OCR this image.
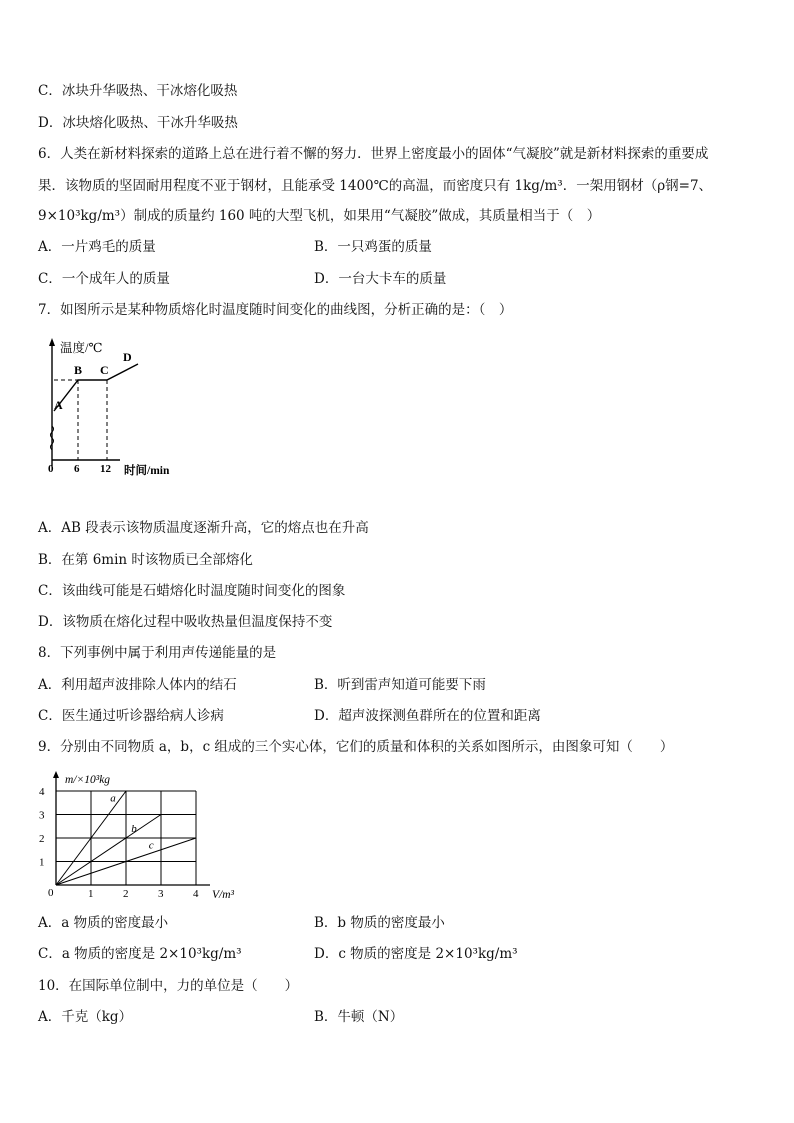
C．冰块升华吸热、干冰熔化吸热
D．冰块熔化吸热、干冰升华吸热
6．人类在新材料探索的道路上总在进行着不懈的努力．世界上密度最小的固体“气凝胶”就是新材料探索的重要成
果．该物质的坚固耐用程度不亚于钢材，且能承受 1400℃的高温，而密度只有 1kg/m³．一架用钢材（ρ钢=7、
9×10³kg/m³）制成的质量约 160 吨的大型飞机，如果用“气凝胶”做成，其质量相当于（　）
A．一片鸡毛的质量	B．一只鸡蛋的质量
C．一个成年人的质量	D．一台大卡车的质量
7．如图所示是某种物质熔化时温度随时间变化的曲线图，分析正确的是：（　）
温度/℃
A
B C
D
0 6 12 时间/min
A．AB 段表示该物质温度逐渐升高，它的熔点也在升高
B．在第 6min 时该物质已全部熔化
C．该曲线可能是石蜡熔化时温度随时间变化的图象
D．该物质在熔化过程中吸收热量但温度保持不变
8．下列事例中属于利用声传递能量的是
A．利用超声波排除人体内的结石	B．听到雷声知道可能要下雨
C．医生通过听诊器给病人诊病	D．超声波探测鱼群所在的位置和距离
9．分别由不同物质 a，b，c 组成的三个实心体，它们的质量和体积的关系如图所示，由图象可知（　　）
m/×10³kg
V/m³
0	1	2	3	4
1
2
3
4
a
b
c
A．a 物质的密度最小	B．b 物质的密度最小
C．a 物质的密度是 2×10³kg/m³	D．c 物质的密度是 2×10³kg/m³
10．在国际单位制中，力的单位是（　　）
A．千克（kg）	B．牛顿（N）
